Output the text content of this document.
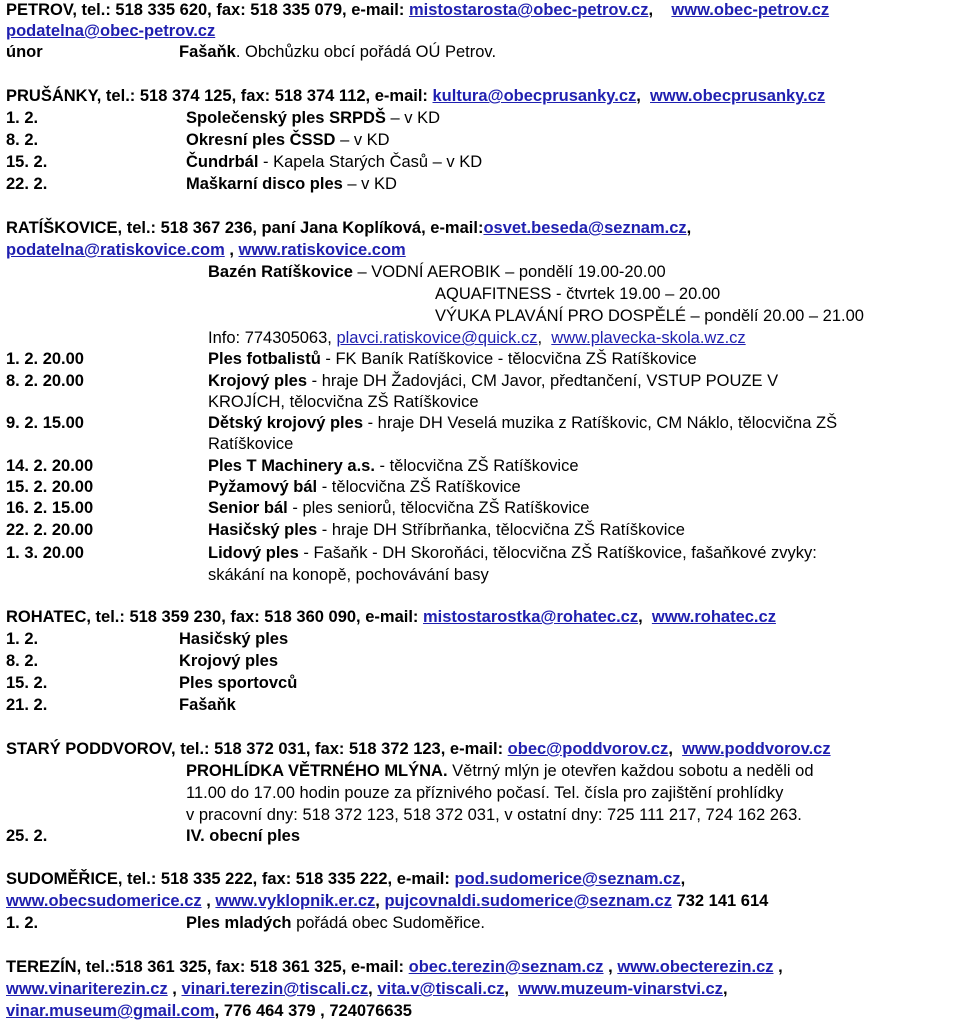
PETROV, tel.: 518 335 620, fax: 518 335 079, e-mail: mistostarosta@obec-petrov.cz,    www.obec-petrov.cz
podatelna@obec-petrov.cz
únor	Fašaňk. Obchůzku obcí pořádá OÚ Petrov.
PRUŠÁNKY, tel.: 518 374 125, fax: 518 374 112, e-mail: kultura@obecprusanky.cz,  www.obecprusanky.cz
1. 2.	Společenský ples SRPDŠ – v KD
8. 2.	Okresní ples ČSSD – v KD
15. 2.	Čundrbál - Kapela Starých Časů – v KD
22. 2.	Maškarní disco ples – v KD
RATÍŠKOVICE, tel.: 518 367 236, paní Jana Koplíková, e-mail:osvet.beseda@seznam.cz,
podatelna@ratiskovice.com , www.ratiskovice.com
Bazén Ratíškovice – VODNÍ AEROBIK – pondělí 19.00-20.00
AQUAFITNESS - čtvrtek 19.00 – 20.00
VÝUKA PLAVÁNÍ PRO DOSPĚLÉ – pondělí 20.00 – 21.00
Info: 774305063, plavci.ratiskovice@quick.cz,  www.plavecka-skola.wz.cz
1. 2. 20.00	Ples fotbalistů - FK Baník Ratíškovice - tělocvična ZŠ Ratíškovice
8. 2. 20.00	Krojový ples - hraje DH Žadovjáci, CM Javor, předtančení, VSTUP POUZE V
KROJÍCH, tělocvična ZŠ Ratíškovice
9. 2. 15.00	Dětský krojový ples - hraje DH Veselá muzika z Ratíškovic, CM Náklo, tělocvična ZŠ
Ratíškovice
14. 2. 20.00	Ples T Machinery a.s. - tělocvična ZŠ Ratíškovice
15. 2. 20.00	Pyžamový bál - tělocvična ZŠ Ratíškovice
16. 2. 15.00	Senior bál - ples seniorů, tělocvična ZŠ Ratíškovice
22. 2. 20.00	Hasičský ples - hraje DH Stříbrňanka, tělocvična ZŠ Ratíškovice
1. 3. 20.00	Lidový ples - Fašaňk - DH Skoroňáci, tělocvična ZŠ Ratíškovice, fašaňkové zvyky:
skákání na konopě, pochovávání basy
ROHATEC, tel.: 518 359 230, fax: 518 360 090, e-mail: mistostarostka@rohatec.cz,  www.rohatec.cz
1. 2.	Hasičský ples
8. 2.	Krojový ples
15. 2.	Ples sportovců
21. 2.	Fašaňk
STARÝ PODDVOROV, tel.: 518 372 031, fax: 518 372 123, e-mail: obec@poddvorov.cz,  www.poddvorov.cz
PROHLÍDKA VĚTRNÉHO MLÝNA. Větrný mlýn je otevřen každou sobotu a neděli od
11.00 do 17.00 hodin pouze za příznivého počasí. Tel. čísla pro zajištění prohlídky
v pracovní dny: 518 372 123, 518 372 031, v ostatní dny: 725 111 217, 724 162 263.
25. 2.	IV. obecní ples
SUDOMĚŘICE, tel.: 518 335 222, fax: 518 335 222, e-mail: pod.sudomerice@seznam.cz,
www.obecsudomerice.cz , www.vyklopnik.er.cz, pujcovnaldi.sudomerice@seznam.cz 732 141 614
1. 2.	Ples mladých pořádá obec Sudoměřice.
TEREZÍN, tel.:518 361 325, fax: 518 361 325, e-mail: obec.terezin@seznam.cz , www.obecterezin.cz ,
www.vinariterezin.cz , vinari.terezin@tiscali.cz, vita.v@tiscali.cz,  www.muzeum-vinarstvi.cz,
vinar.museum@gmail.com, 776 464 379 , 724076635
